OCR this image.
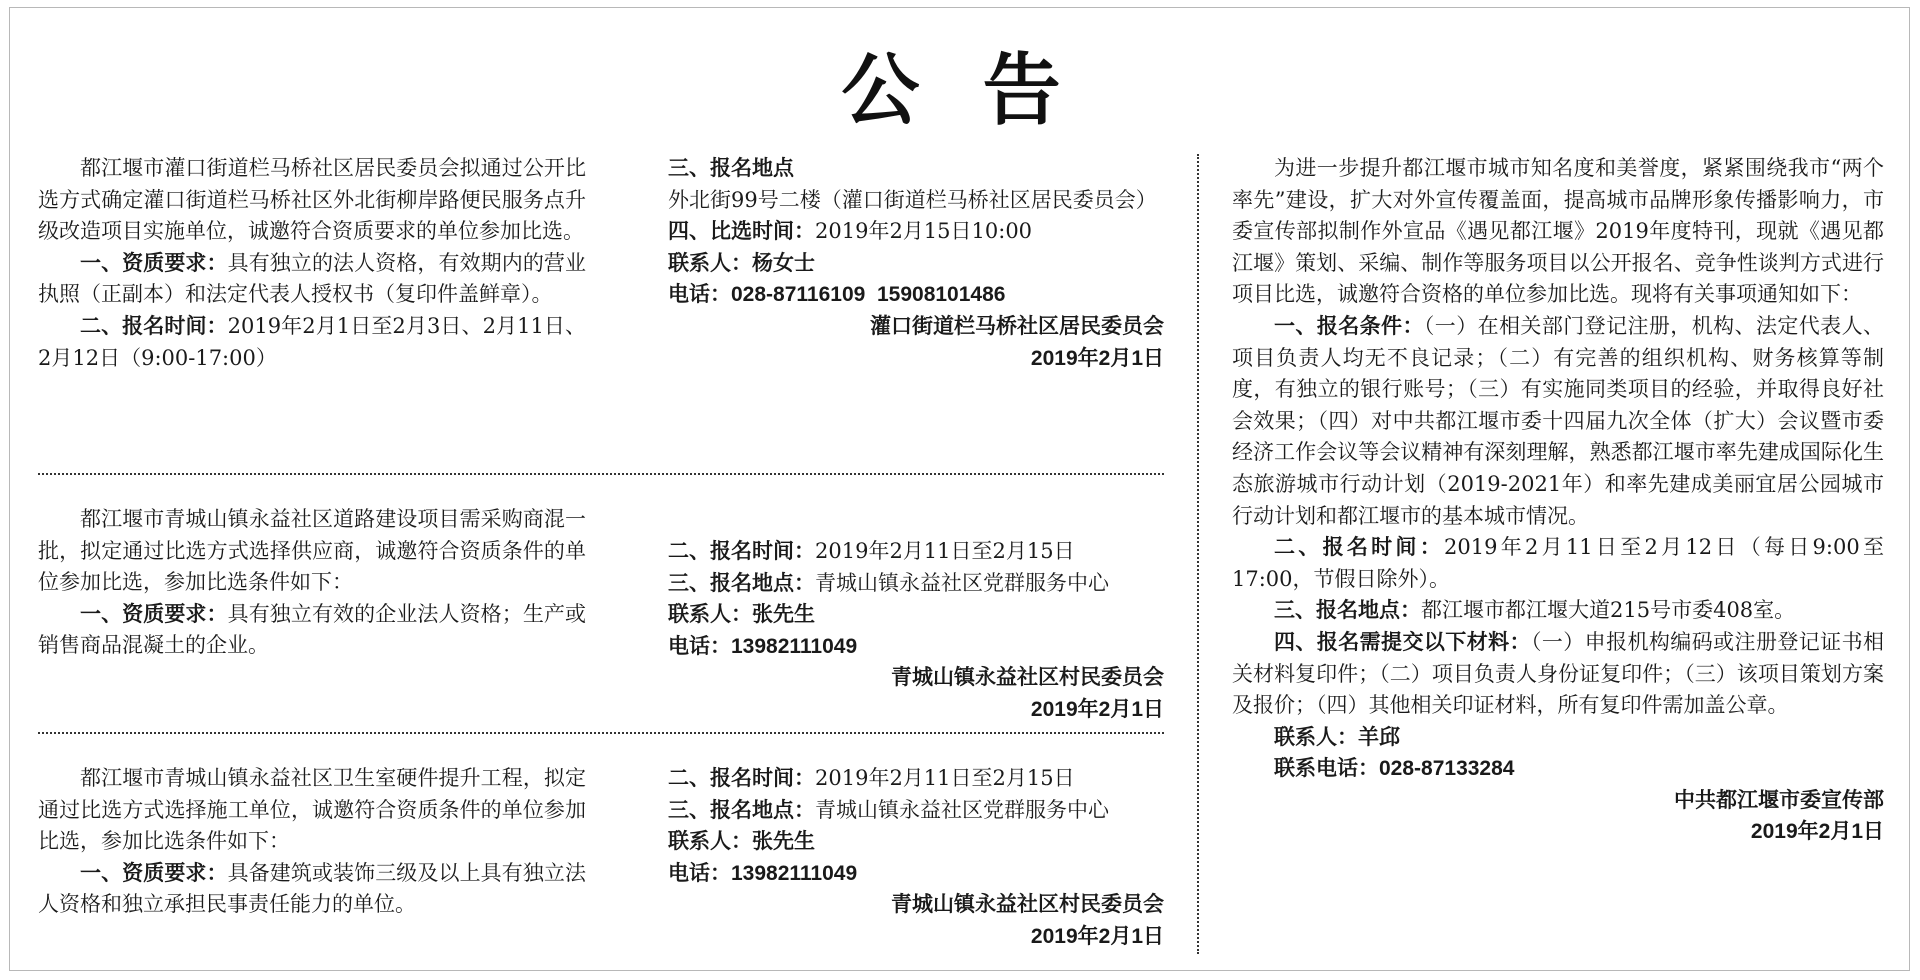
公 告

都江堰市灌口街道栏马桥社区居民委员会拟通过公开比选方式确定灌口街道栏马桥社区外北街柳岸路便民服务点升级改造项目实施单位，诚邀符合资质要求的单位参加比选。

一、资质要求：具有独立的法人资格，有效期内的营业执照（正副本）和法定代表人授权书（复印件盖鲜章）。

二、报名时间：2019年2月1日至2月3日、2月11日、2月12日（9:00-17:00）

三、报名地点

外北街99号二楼（灌口街道栏马桥社区居民委员会）

四、比选时间：2019年2月15日10:00

联系人：杨女士

电话：028-87116109  15908101486

灌口街道栏马桥社区居民委员会

2019年2月1日

都江堰市青城山镇永益社区道路建设项目需采购商混一批，拟定通过比选方式选择供应商，诚邀符合资质条件的单位参加比选，参加比选条件如下：

一、资质要求：具有独立有效的企业法人资格；生产或销售商品混凝土的企业。

二、报名时间：2019年2月11日至2月15日

三、报名地点：青城山镇永益社区党群服务中心

联系人：张先生

电话：13982111049

青城山镇永益社区村民委员会

2019年2月1日

都江堰市青城山镇永益社区卫生室硬件提升工程，拟定通过比选方式选择施工单位，诚邀符合资质条件的单位参加比选，参加比选条件如下：

一、资质要求：具备建筑或装饰三级及以上具有独立法人资格和独立承担民事责任能力的单位。

二、报名时间：2019年2月11日至2月15日

三、报名地点：青城山镇永益社区党群服务中心

联系人：张先生

电话：13982111049

青城山镇永益社区村民委员会

2019年2月1日

为进一步提升都江堰市城市知名度和美誉度，紧紧围绕我市“两个率先”建设，扩大对外宣传覆盖面，提高城市品牌形象传播影响力，市委宣传部拟制作外宣品《遇见都江堰》2019年度特刊，现就《遇见都江堰》策划、采编、制作等服务项目以公开报名、竞争性谈判方式进行项目比选，诚邀符合资格的单位参加比选。现将有关事项通知如下：

一、报名条件：（一）在相关部门登记注册，机构、法定代表人、项目负责人均无不良记录；（二）有完善的组织机构、财务核算等制度，有独立的银行账号；（三）有实施同类项目的经验，并取得良好社会效果；（四）对中共都江堰市委十四届九次全体（扩大）会议暨市委经济工作会议等会议精神有深刻理解，熟悉都江堰市率先建成国际化生态旅游城市行动计划（2019-2021年）和率先建成美丽宜居公园城市行动计划和都江堰市的基本城市情况。

二、报名时间：2019年2月11日至2月12日（每日9:00至17:00，节假日除外）。

三、报名地点：都江堰市都江堰大道215号市委408室。

四、报名需提交以下材料：（一）申报机构编码或注册登记证书相关材料复印件；（二）项目负责人身份证复印件；（三）该项目策划方案及报价；（四）其他相关印证材料，所有复印件需加盖公章。

联系人：羊邱

联系电话：028-87133284

中共都江堰市委宣传部

2019年2月1日
